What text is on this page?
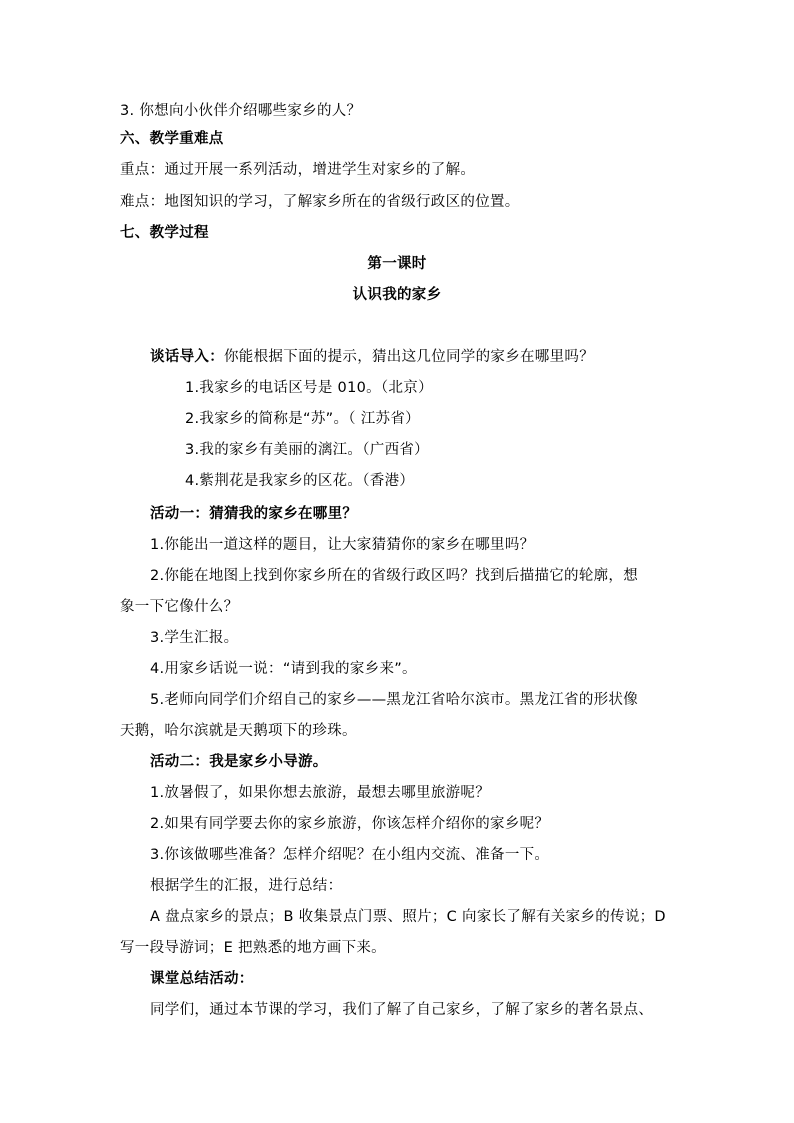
3. 你想向小伙伴介绍哪些家乡的人？
六、教学重难点
重点：通过开展一系列活动，增进学生对家乡的了解。
难点：地图知识的学习，了解家乡所在的省级行政区的位置。
七、教学过程
第一课时
认识我的家乡
谈话导入：你能根据下面的提示，猜出这几位同学的家乡在哪里吗？
1.我家乡的电话区号是 010。（北京）
2.我家乡的简称是“苏”。（ 江苏省）
3.我的家乡有美丽的漓江。（广西省）
4.紫荆花是我家乡的区花。（香港）
活动一：猜猜我的家乡在哪里？
1.你能出一道这样的题目，让大家猜猜你的家乡在哪里吗？
2.你能在地图上找到你家乡所在的省级行政区吗？找到后描描它的轮廓，想
象一下它像什么？
3.学生汇报。
4.用家乡话说一说：“请到我的家乡来”。
5.老师向同学们介绍自己的家乡——黑龙江省哈尔滨市。黑龙江省的形状像
天鹅，哈尔滨就是天鹅项下的珍珠。
活动二：我是家乡小导游。
1.放暑假了，如果你想去旅游，最想去哪里旅游呢？
2.如果有同学要去你的家乡旅游，你该怎样介绍你的家乡呢？
3.你该做哪些准备？怎样介绍呢？在小组内交流、准备一下。
根据学生的汇报，进行总结：
A 盘点家乡的景点；B 收集景点门票、照片；C 向家长了解有关家乡的传说；D
写一段导游词；E 把熟悉的地方画下来。
课堂总结活动：
同学们，通过本节课的学习，我们了解了自己家乡，了解了家乡的著名景点、
